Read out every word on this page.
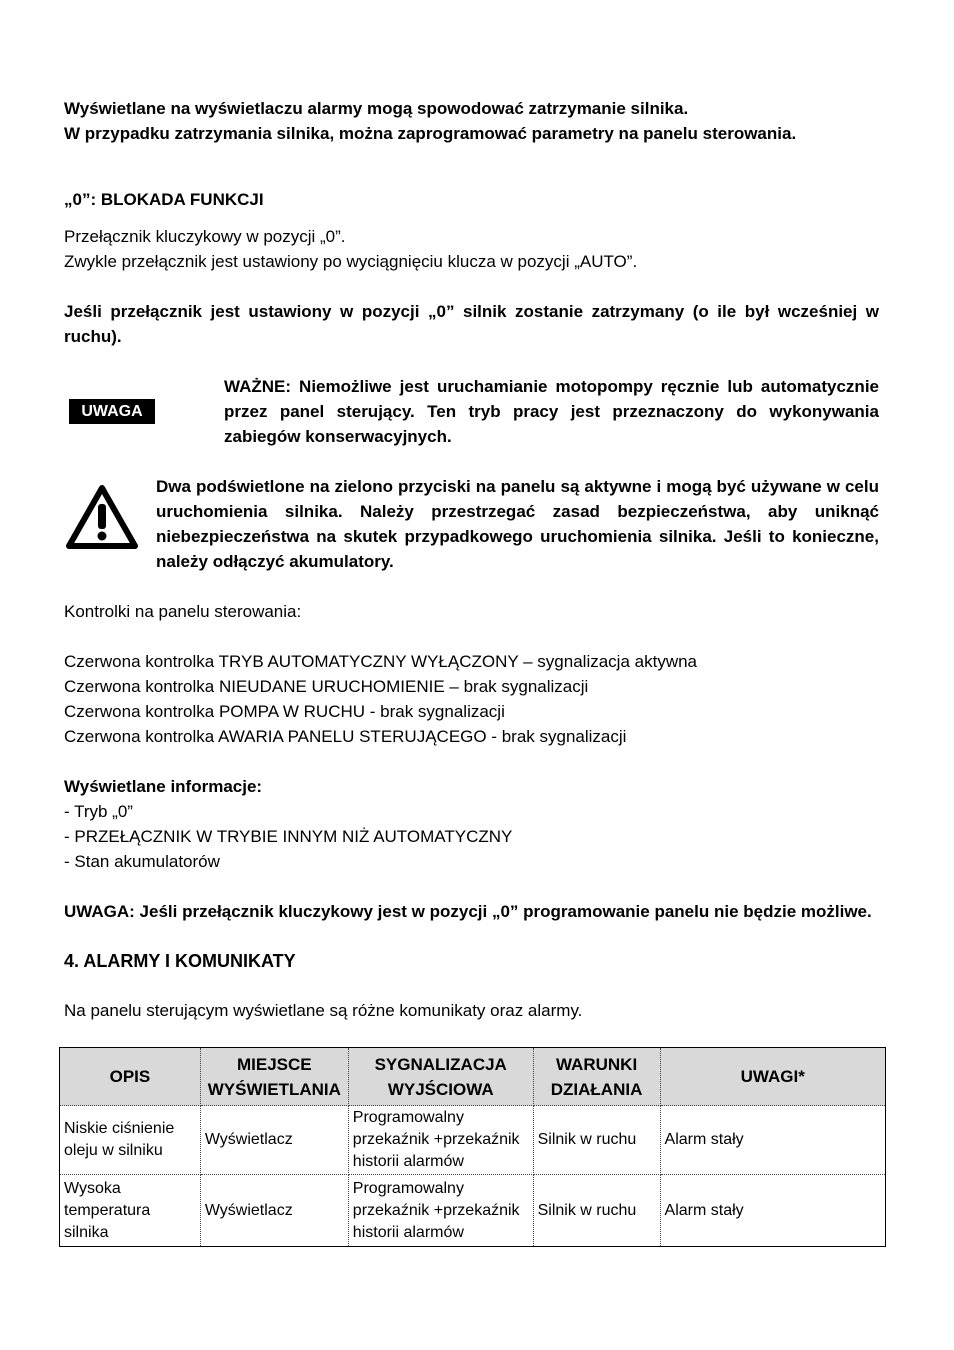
Wyświetlane na wyświetlaczu alarmy mogą spowodować zatrzymanie silnika.

W przypadku zatrzymania silnika, można zaprogramować parametry na panelu sterowania.

„0”: BLOKADA FUNKCJI

Przełącznik kluczykowy w pozycji „0”.

Zwykle przełącznik jest ustawiony po wyciągnięciu klucza w pozycji „AUTO”.

Jeśli przełącznik jest ustawiony w pozycji „0” silnik zostanie zatrzymany (o ile był wcześniej w ruchu).

UWAGA

WAŻNE: Niemożliwe jest uruchamianie motopompy ręcznie lub automatycznie przez panel sterujący. Ten tryb pracy jest przeznaczony do wykonywania zabiegów konserwacyjnych.

Dwa podświetlone na zielono przyciski na panelu są aktywne i mogą być używane w celu uruchomienia silnika. Należy przestrzegać zasad bezpieczeństwa, aby uniknąć niebezpieczeństwa na skutek przypadkowego uruchomienia silnika. Jeśli to konieczne, należy odłączyć akumulatory.

Kontrolki na panelu sterowania:

Czerwona kontrolka TRYB AUTOMATYCZNY WYŁĄCZONY – sygnalizacja aktywna

Czerwona kontrolka NIEUDANE URUCHOMIENIE – brak sygnalizacji

Czerwona kontrolka POMPA W RUCHU - brak sygnalizacji

Czerwona kontrolka AWARIA PANELU STERUJĄCEGO - brak sygnalizacji

Wyświetlane informacje:

- Tryb „0”

- PRZEŁĄCZNIK W TRYBIE INNYM NIŻ AUTOMATYCZNY

- Stan akumulatorów

UWAGA: Jeśli przełącznik kluczykowy jest w pozycji „0” programowanie panelu nie będzie możliwe.

4. ALARMY I KOMUNIKATY

Na panelu sterującym wyświetlane są różne komunikaty oraz alarmy.

OPIS	MIEJSCE WYŚWIETLANIA	SYGNALIZACJA WYJŚCIOWA	WARUNKI DZIAŁANIA	UWAGI*
Niskie ciśnienie oleju w silniku	Wyświetlacz	Programowalny przekaźnik +przekaźnik historii alarmów	Silnik w ruchu	Alarm stały
Wysoka temperatura silnika	Wyświetlacz	Programowalny przekaźnik +przekaźnik historii alarmów	Silnik w ruchu	Alarm stały
